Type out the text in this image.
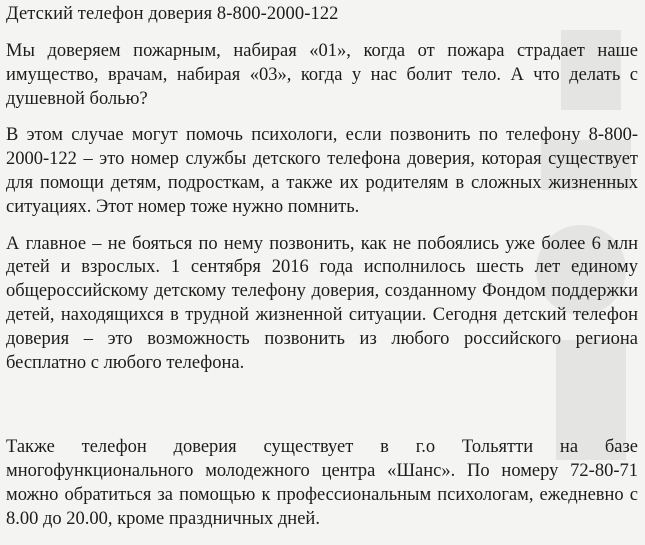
Детский телефон доверия 8-800-2000-122

Мы доверяем пожарным, набирая «01», когда от пожара страдает наше имущество, врачам, набирая «03», когда у нас болит тело. А что делать с душевной болью?

В этом случае могут помочь психологи, если позвонить по телефону 8-800-2000-122 – это номер службы детского телефона доверия, которая существует для помощи детям, подросткам, а также их родителям в сложных жизненных ситуациях. Этот номер тоже нужно помнить.

А главное – не бояться по нему позвонить, как не побоялись уже более 6 млн детей и взрослых. 1 сентября 2016 года исполнилось шесть лет единому общероссийскому детскому телефону доверия, созданному Фондом поддержки детей, находящихся в трудной жизненной ситуации. Сегодня детский телефон доверия – это возможность позвонить из любого российского региона бесплатно с любого телефона.

Также телефон доверия существует в г.о Тольятти на базе многофункционального молодежного центра «Шанс». По номеру 72-80-71 можно обратиться за помощью к профессиональным психологам, ежедневно с 8.00 до 20.00, кроме праздничных дней.
